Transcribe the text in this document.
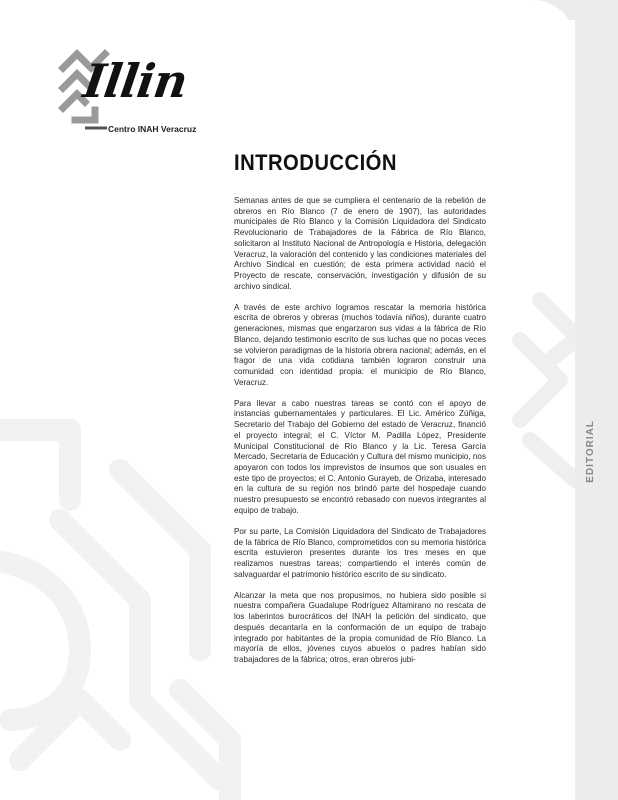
EDITORIAL
Illin
Centro INAH Veracruz
INTRODUCCIÓN

Semanas antes de que se cumpliera el centenario de la rebelión de obreros en Río Blanco (7 de enero de 1907), las autoridades municipales de Río Blanco y la Comisión Liquidadora del Sindicato Revolucionario de Trabajadores de la Fábrica de Río Blanco, solicitaron al Instituto Nacional de Antropología e Historia, delegación Veracruz, la valoración del contenido y las condiciones materiales del Archivo Sindical en cuestión; de esta primera actividad nació el Proyecto de rescate, conservación, investigación y difusión de su archivo sindical.

A través de este archivo logramos rescatar la memoria histórica escrita de obreros y obreras (muchos todavía niños), durante cuatro generaciones, mismas que engarzaron sus vidas a la fábrica de Río Blanco, dejando testimonio escrito de sus luchas que no pocas veces se volvieron paradigmas de la historia obrera nacional; además, en el fragor de una vida cotidiana también lograron construir una comunidad con identidad propia: el municipio de Río Blanco, Veracruz.

Para llevar a cabo nuestras tareas se contó con el apoyo de instancias gubernamentales y particulares. El Lic. Américo Zúñiga, Secretario del Trabajo del Gobierno del estado de Veracruz, financió el proyecto integral; el C. Víctor M. Padilla López, Presidente Municipal Constitucional de Río Blanco y la Lic. Teresa García Mercado, Secretaria de Educación y Cultura del mismo municipio, nos apoyaron con todos los imprevistos de insumos que son usuales en este tipo de proyectos; el C. Antonio Gurayeb, de Orizaba, interesado en la cultura de su región nos brindó parte del hospedaje cuando nuestro presupuesto se encontró rebasado con nuevos integrantes al equipo de trabajo.

Por su parte, La Comisión Liquidadora del Sindicato de Trabajadores de la fábrica de Río Blanco, comprometidos con su memoria histórica escrita estuvieron presentes durante los tres meses en que realizamos nuestras tareas; compartiendo el interés común de salvaguardar el patrimonio histórico escrito de su sindicato.

Alcanzar la meta que nos propusimos, no hubiera sido posible si nuestra compañera Guadalupe Rodríguez Altamirano no rescata de los laberintos burocráticos del INAH la petición del sindicato, que después decantaría en la conformación de un equipo de trabajo integrado por habitantes de la propia comunidad de Río Blanco. La mayoría de ellos, jóvenes cuyos abuelos o padres habían sido trabajadores de la fábrica; otros, eran obreros jubi-
